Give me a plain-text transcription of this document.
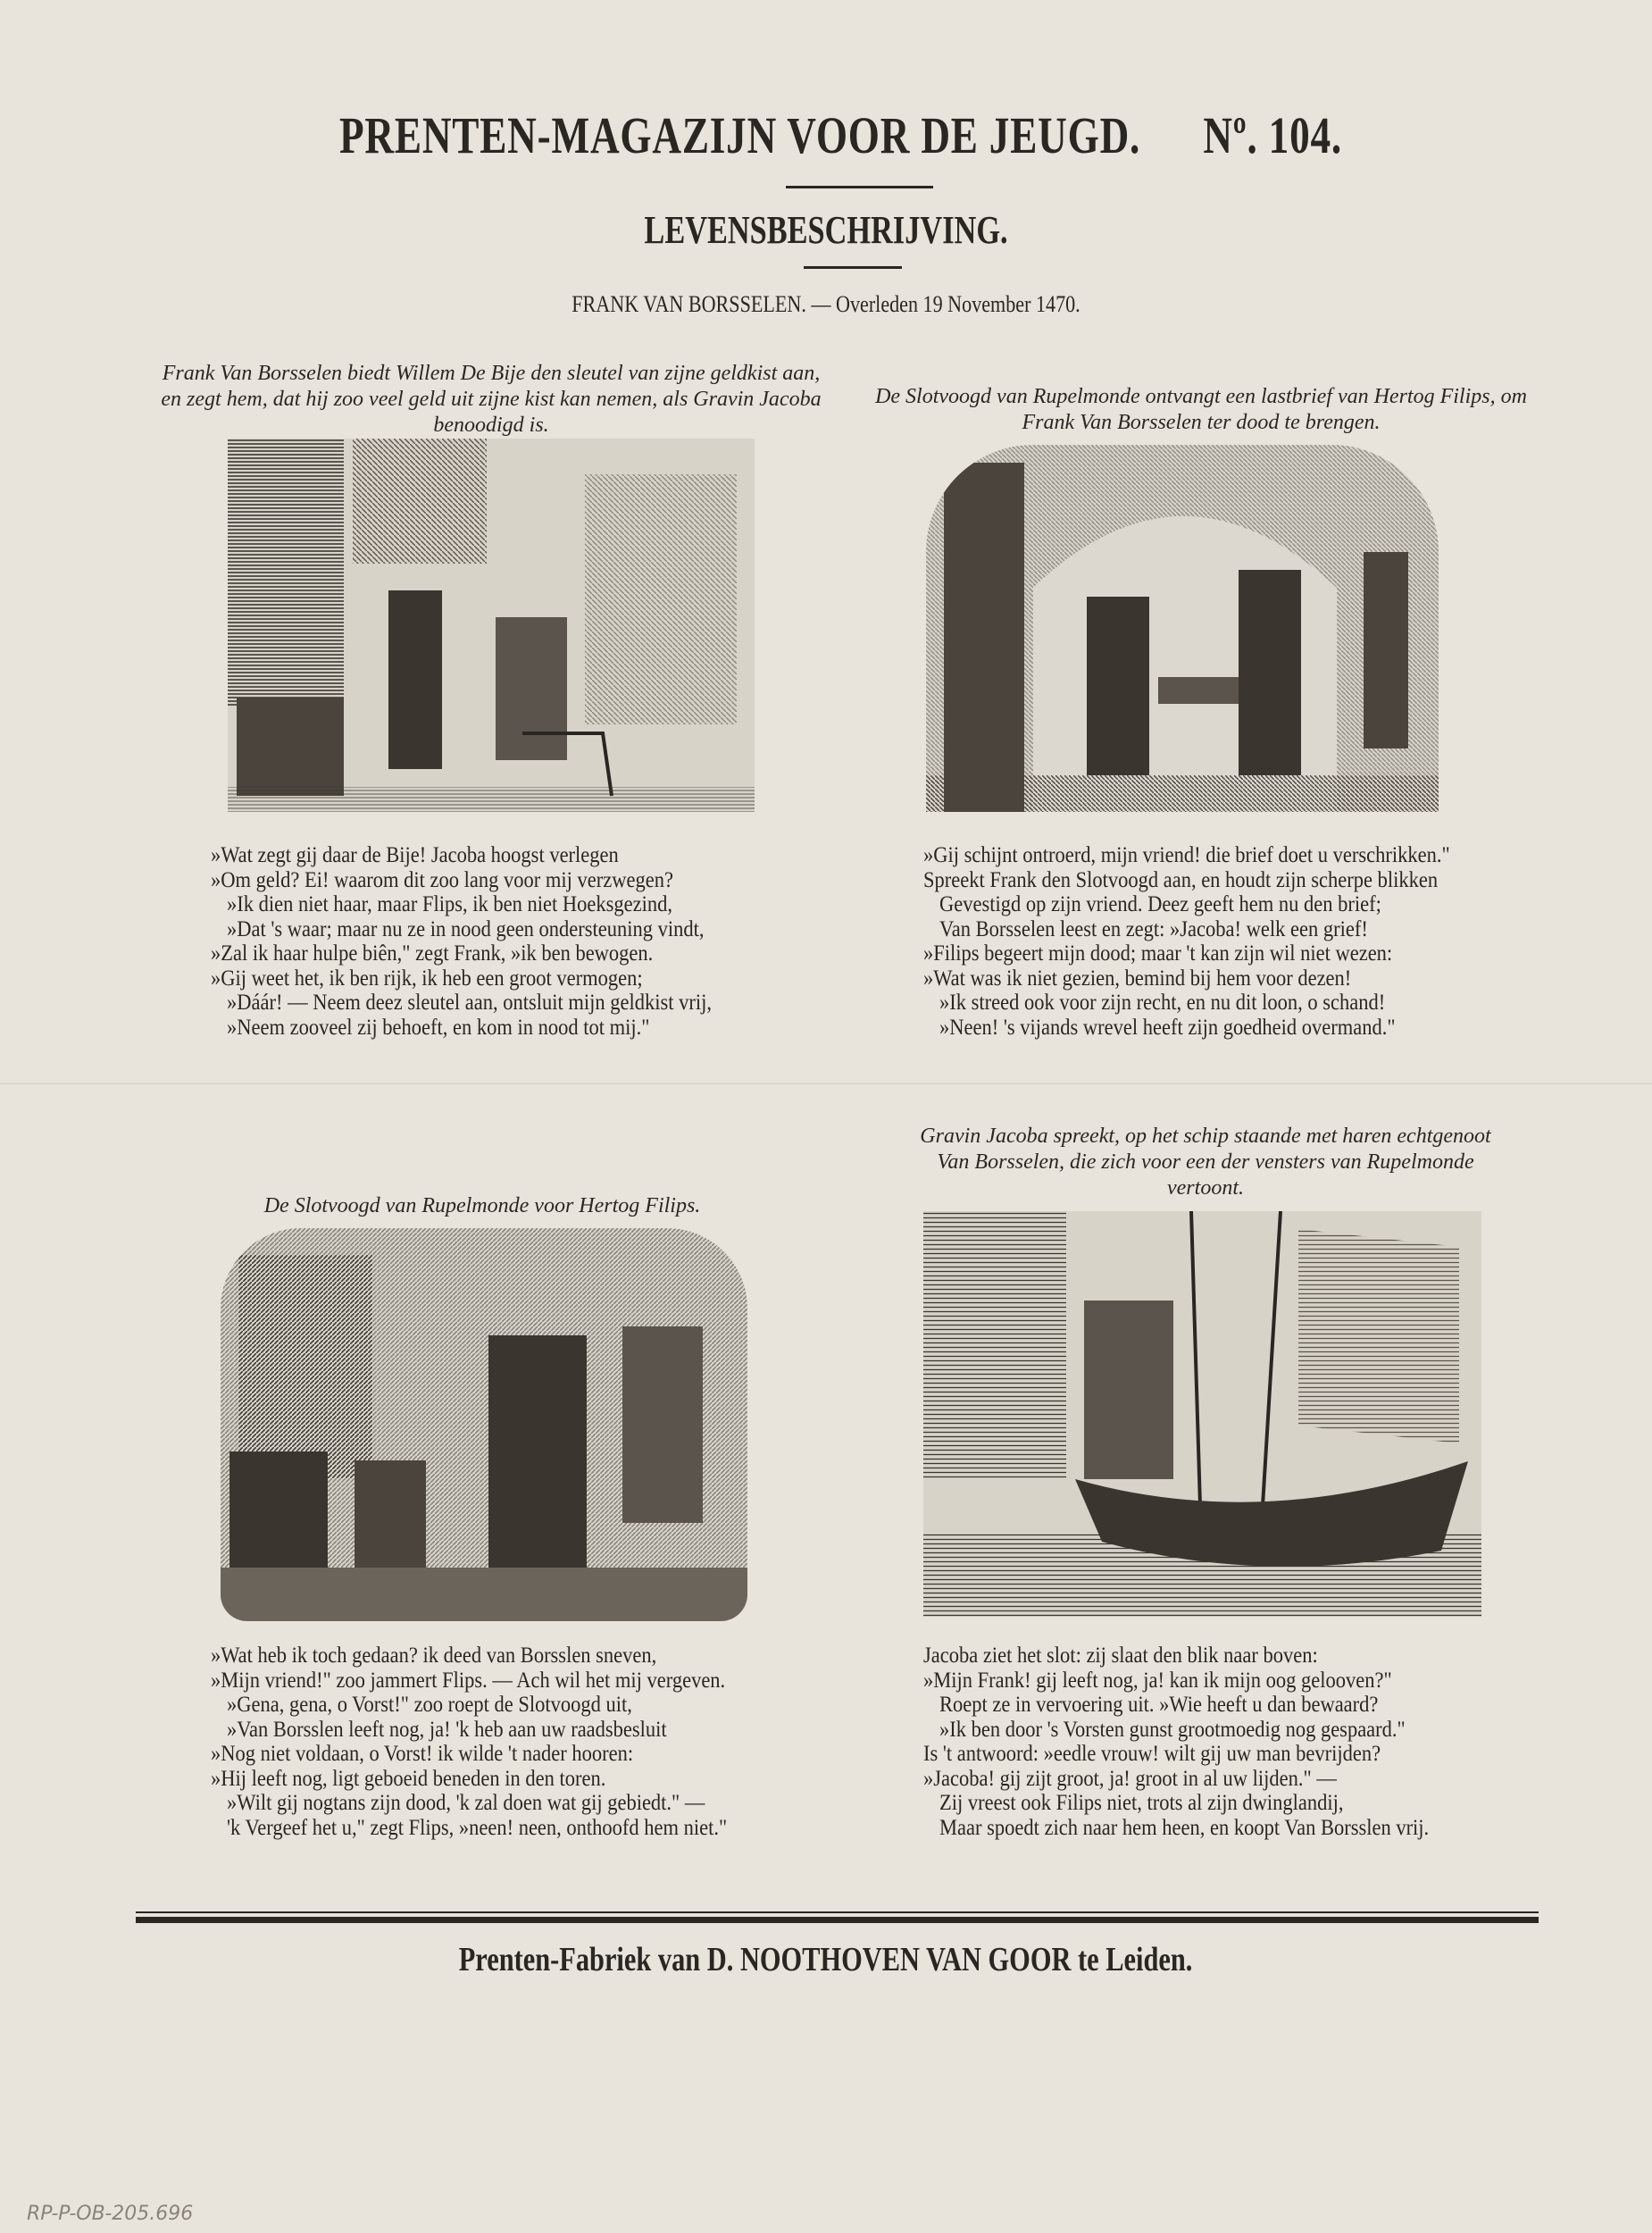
PRENTEN-MAGAZIJN VOOR DE JEUGD. Nº. 104.
LEVENSBESCHRIJVING.
FRANK VAN BORSSELEN. — Overleden 19 November 1470.
Frank Van Borsselen biedt Willem De Bije den sleutel van zijne geldkist aan, en zegt hem, dat hij zoo veel geld uit zijne kist kan nemen, als Gravin Jacoba benoodigd is.
»Wat zegt gij daar de Bije! Jacoba hoogst verlegen
»Om geld? Ei! waarom dit zoo lang voor mij verzwegen?
»Ik dien niet haar, maar Flips, ik ben niet Hoeksgezind,
»Dat 's waar; maar nu ze in nood geen ondersteuning vindt,
»Zal ik haar hulpe biên," zegt Frank, »ik ben bewogen.
»Gij weet het, ik ben rijk, ik heb een groot vermogen;
»Dáár! — Neem deez sleutel aan, ontsluit mijn geldkist vrij,
»Neem zooveel zij behoeft, en kom in nood tot mij."
De Slotvoogd van Rupelmonde ontvangt een lastbrief van Hertog Filips, om Frank Van Borsselen ter dood te brengen.
»Gij schijnt ontroerd, mijn vriend! die brief doet u verschrikken."
Spreekt Frank den Slotvoogd aan, en houdt zijn scherpe blikken
Gevestigd op zijn vriend. Deez geeft hem nu den brief;
Van Borsselen leest en zegt: »Jacoba! welk een grief!
»Filips begeert mijn dood; maar 't kan zijn wil niet wezen:
»Wat was ik niet gezien, bemind bij hem voor dezen!
»Ik streed ook voor zijn recht, en nu dit loon, o schand!
»Neen! 's vijands wrevel heeft zijn goedheid overmand."
De Slotvoogd van Rupelmonde voor Hertog Filips.
»Wat heb ik toch gedaan? ik deed van Borsslen sneven,
»Mijn vriend!" zoo jammert Flips. — Ach wil het mij vergeven.
»Gena, gena, o Vorst!" zoo roept de Slotvoogd uit,
»Van Borsslen leeft nog, ja! 'k heb aan uw raadsbesluit
»Nog niet voldaan, o Vorst! ik wilde 't nader hooren:
»Hij leeft nog, ligt geboeid beneden in den toren.
»Wilt gij nogtans zijn dood, 'k zal doen wat gij gebiedt." —
'k Vergeef het u," zegt Flips, »neen! neen, onthoofd hem niet."
Gravin Jacoba spreekt, op het schip staande met haren echtgenoot Van Borsselen, die zich voor een der vensters van Rupelmonde vertoont.
Jacoba ziet het slot: zij slaat den blik naar boven:
»Mijn Frank! gij leeft nog, ja! kan ik mijn oog gelooven?"
Roept ze in vervoering uit. »Wie heeft u dan bewaard?
»Ik ben door 's Vorsten gunst grootmoedig nog gespaard."
Is 't antwoord: »eedle vrouw! wilt gij uw man bevrijden?
»Jacoba! gij zijt groot, ja! groot in al uw lijden." —
Zij vreest ook Filips niet, trots al zijn dwinglandij,
Maar spoedt zich naar hem heen, en koopt Van Borsslen vrij.
Prenten-Fabriek van D. NOOTHOVEN VAN GOOR te Leiden.
RP-P-OB-205.696
